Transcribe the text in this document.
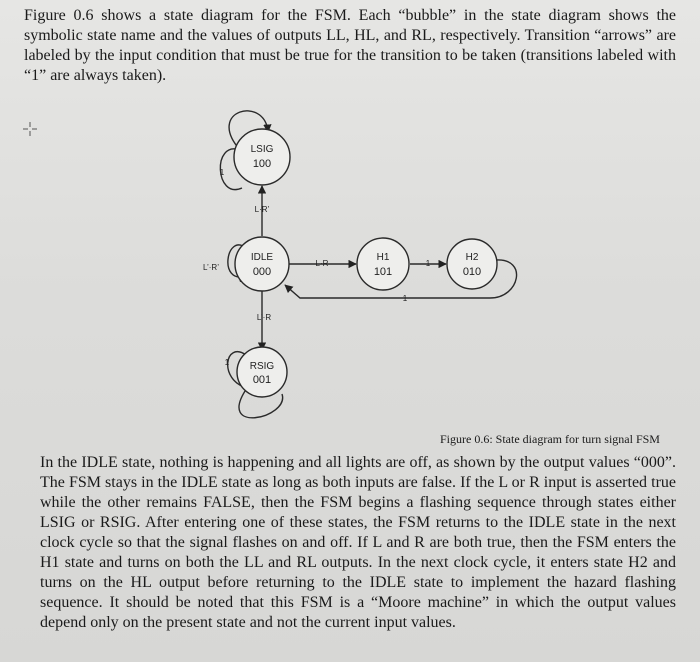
Figure 0.6 shows a state diagram for the FSM. Each “bubble” in the state diagram shows the symbolic state name and the values of outputs LL, HL, and RL, respectively. Transition “arrows” are labeled by the input condition that must be true for the transition to be taken (transitions labeled with “1” are always taken).
LSIG
100
IDLE
000
RSIG
001
H1
101
H2
010
1
L·R’
L’·R’	L·R	1
1
L’·R
1
Figure 0.6: State diagram for turn signal FSM
In the IDLE state, nothing is happening and all lights are off, as shown by the output values “000”. The FSM stays in the IDLE state as long as both inputs are false. If the L or R input is asserted true while the other remains FALSE, then the FSM begins a flashing sequence through states either LSIG or RSIG. After entering one of these states, the FSM returns to the IDLE state in the next clock cycle so that the signal flashes on and off. If L and R are both true, then the FSM enters the H1 state and turns on both the LL and RL outputs. In the next clock cycle, it enters state H2 and turns on the HL output before returning to the IDLE state to implement the hazard flashing sequence. It should be noted that this FSM is a “Moore machine” in which the output values depend only on the present state and not the current input values.
